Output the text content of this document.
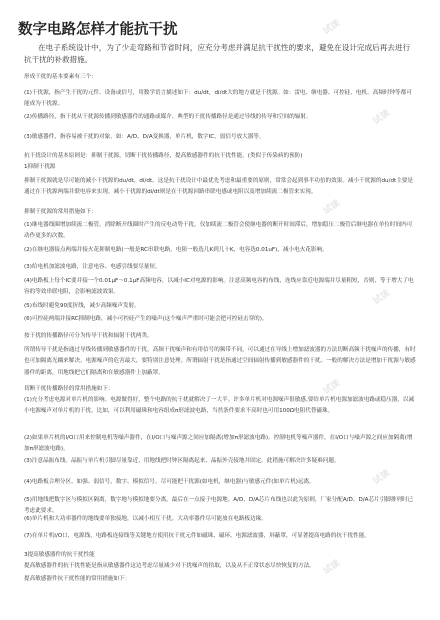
试读
试读
试读
试读
试读
试读
试读
数字电路怎样才能抗干扰

在电子系统设计中，为了少走弯路和节省时间，应充分考虑并满足抗干扰性的要求，避免在设计完成后再去进行抗干扰的补救措施。

形成干扰的基本要素有三个：

(1)干扰源，指产生干扰的元件、设备或信号，用数学语言描述如下：du/dt，di/dt大的地方就是干扰源。如：雷电、继电器、可控硅、电机、高频时钟等都可能成为干扰源。

(2)传播路径，指干扰从干扰源传播到敏感器件的通路或媒介。典型的干扰传播路径是通过导线的传导和空间的辐射。

(3)敏感器件，指容易被干扰的对象。如：A/D、D/A变换器，单片机，数字IC，弱信号放大器等。

抗干扰设计的基本原则是：抑制干扰源，切断干扰传播路径，提高敏感器件的抗干扰性能。(类似于传染病的预防)

1抑制干扰源

抑制干扰源就是尽可能的减小干扰源的du/dt，di/dt。这是抗干扰设计中最优先考虑和最重要的原则，常常会起到事半功倍的效果。减小干扰源的du/dt主要是通过在干扰源两端并联电容来实现。减小干扰源的di/dt则是在干扰源回路串联电感或电阻以及增加续流二极管来实现。

抑制干扰源的常用措施如下：

(1)继电器线圈增加续流二极管，消除断开线圈时产生的反电动势干扰。仅加续流二极管会使继电器的断开时间滞后，增加稳压二极管后继电器在单位时间内可动作更多的次数。

(2)在继电器接点两端并接火花抑制电路(一般是RC串联电路，电阻一般选几K到几十K，电容选0.01uF)，减小电火花影响。

(3)给电机加滤波电路，注意电容、电感引线要尽量短。

(4)电路板上每个IC要并接一个0.01μF～0.1μF高频电容，以减小IC对电源的影响。注意高频电容的布线，连线应靠近电源端并尽量粗短，否则，等于增大了电容的等效串联电阻，会影响滤波效果。

(5)布线时避免90度折线，减少高频噪声发射。

(6)可控硅两端并接RC抑制电路，减小可控硅产生的噪声(这个噪声严重时可能会把可控硅击穿的)。

按干扰的传播路径可分为传导干扰和辐射干扰两类。

所谓传导干扰是指通过导线传播到敏感器件的干扰。高频干扰噪声和有用信号的频带不同，可以通过在导线上增加滤波器的方法切断高频干扰噪声的传播，有时也可加隔离光耦来解决。电源噪声的危害最大，要特别注意处理。所谓辐射干扰是指通过空间辐射传播到敏感器件的干扰。一般的解决方法是增加干扰源与敏感器件的距离，用地线把它们隔离和在敏感器件上加蔽罩。

切断干扰传播路径的常用措施如下：

(1)充分考虑电源对单片机的影响。电源做得好，整个电路的抗干扰就解决了一大半。许多单片机对电源噪声很敏感,要给单片机电源加滤波电路或稳压器，以减小电源噪声对单片机的干扰。比如，可以利用磁珠和电容组成π形滤波电路，当然条件要求不高时也可用100Ω电阻代替磁珠。

(2)如果单片机的I/O口用来控制电机等噪声器件，在I/O口与噪声源之间应加隔离(增加π形滤波电路)。控制电机等噪声器件，在I/O口与噪声源之间应加隔离(增加π形滤波电路)。

(3)注意晶振布线。晶振与单片机引脚尽量靠近，用地线把时钟区隔离起来，晶振外壳接地并固定。此措施可解决许多疑难问题。

(4)电路板合理分区，如强、弱信号，数字、模拟信号。尽可能把干扰源(如电机，继电器)与敏感元件(如单片机)远离。

(5)用地线把数字区与模拟区隔离，数字地与模拟地要分离，最后在一点接于电源地。A/D、D/A芯片布线也以此为原则，厂家分配A/D、D/A芯片引脚排列时已考虑此要求。

(6)单片机和大功率器件的地线要单独接地，以减小相互干扰。大功率器件尽可能放在电路板边缘。

(7)在单片机I/O口，电源线，电路板连接线等关键地方使用抗干扰元件如磁珠、磁环、电源滤波器，屏蔽罩，可显著提高电路的抗干扰性能。

3提高敏感器件的抗干扰性能

提高敏感器件的抗干扰性能是指从敏感器件这边考虑尽量减少对干扰噪声的拾取，以及从不正常状态尽快恢复的方法。

提高敏感器件抗干扰性能的常用措施如下：
